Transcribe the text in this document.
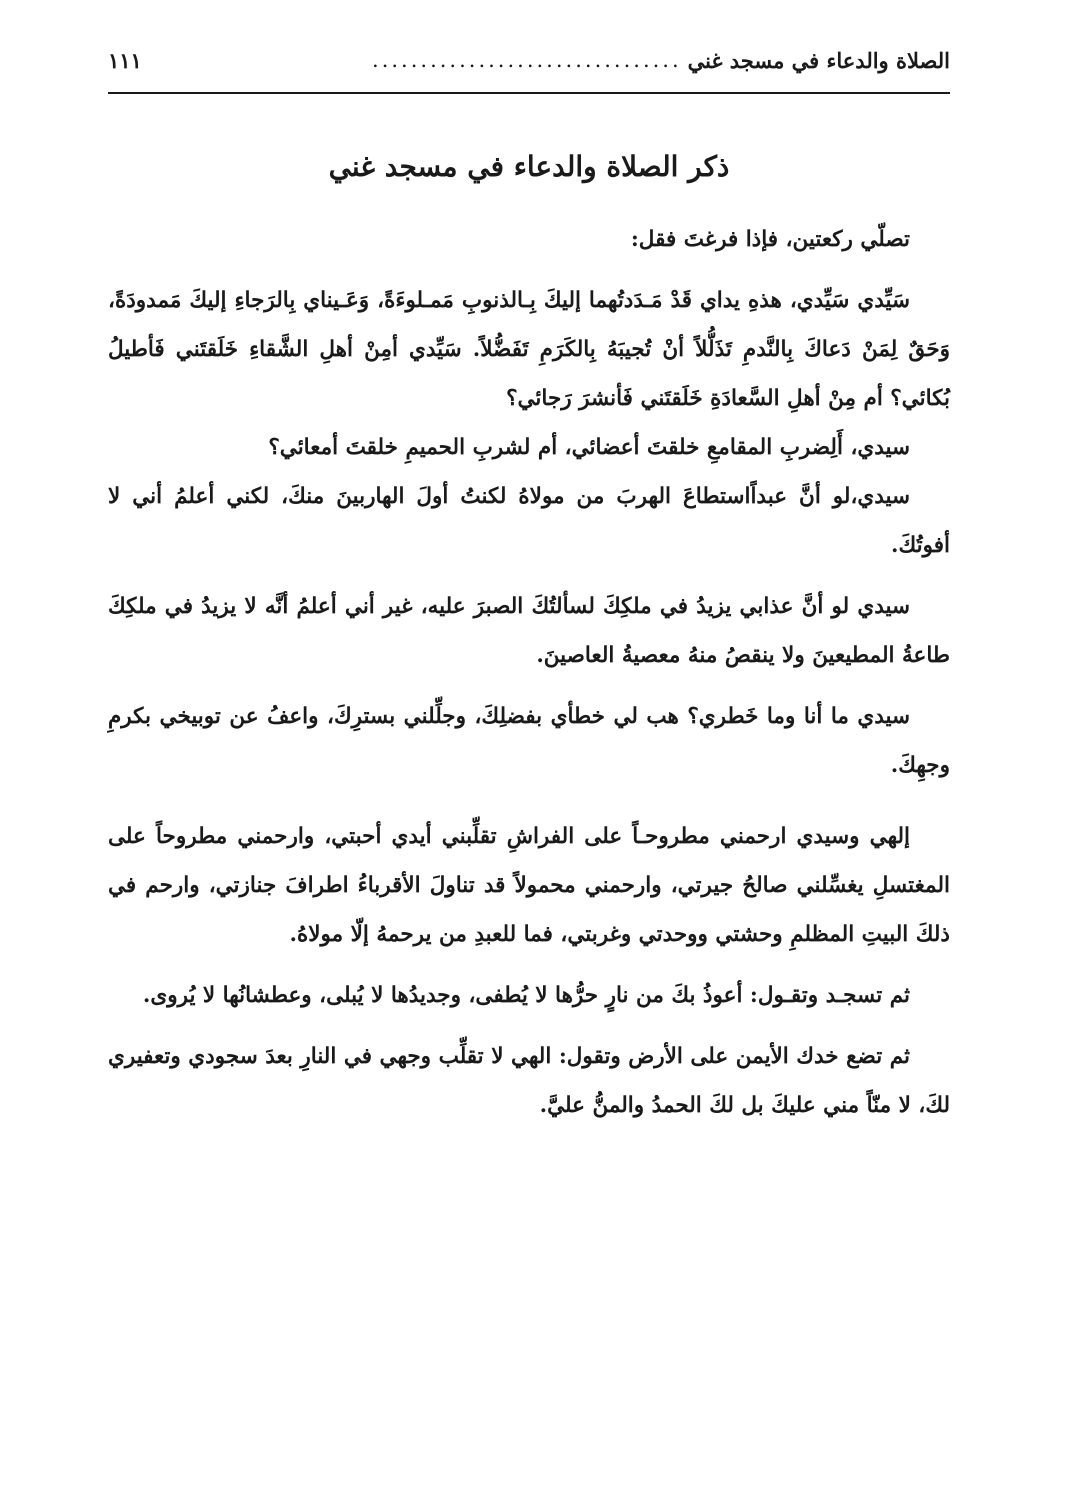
الصلاة والدعاء في مسجد غني
................................
١١١
ذكر الصلاة والدعاء في مسجد غني

تصلّي ركعتين، فإذا فرغتَ فقل:

سَيِّدي سَيِّدي، هذهِ يداي قَدْ مَـدَدتُهما إليكَ بِـالذنوبِ مَمـلوءَةً، وَعَـيناي بِالرَجاءِ إليكَ مَمدودَةً، وَحَقٌ لِمَنْ دَعاكَ بِالنَّدمِ تَذَلُّلاً أنْ تُجيبَهُ بِالكَرَمِ تَفَضُّلاً. سَيِّدي أمِنْ أهلِ الشَّقاءِ خَلَقتَني فَأطيلُ بُكائي؟ أم مِنْ أهلِ السَّعادَةِ خَلَقتَني فَأنشرَ رَجائي؟

سيدي، أَلِضربِ المقامعِ خلقتَ أعضائي، أم لشربِ الحميمِ خلقتَ أمعائي؟

سيدي،لو أنَّ عبداًاستطاعَ الهربَ من مولاهُ لكنتُ أولَ الهاربينَ منكَ، لكني أعلمُ أني لا أفوتُكَ.

سيدي لو أنَّ عذابي يزيدُ في ملكِكَ لسألتُكَ الصبرَ عليه، غير أني أعلمُ أنَّه لا يزيدُ في ملكِكَ طاعةُ المطيعينَ ولا ينقصُ منهُ معصيةُ العاصينَ.

سيدي ما أنا وما خَطري؟ هب لي خطأي بفضلِكَ، وجلِّلني بسترِكَ، واعفُ عن توبيخي بكرمِ وجهِكَ.

إلهي وسيدي ارحمني مطروحـاً على الفراشِ تقلِّبني أيدي أحبتي، وارحمني مطروحاً على المغتسلِ يغسِّلني صالحُ جيرتي، وارحمني محمولاً قد تناولَ الأقرباءُ اطرافَ جنازتي، وارحم في ذلكَ البيتِ المظلمِ وحشتي ووحدتي وغربتي، فما للعبدِ من يرحمهُ إلّا مولاهُ.

ثم تسجـد وتقـول: أعوذُ بكَ من نارٍ حرُّها لا يُطفى، وجديدُها لا يُبلى، وعطشانُها لا يُروى.

ثم تضع خدك الأيمن على الأرض وتقول: الهي لا تقلِّب وجهي في النارِ بعدَ سجودي وتعفيري لكَ، لا منّاً مني عليكَ بل لكَ الحمدُ والمنُّ عليَّ.
